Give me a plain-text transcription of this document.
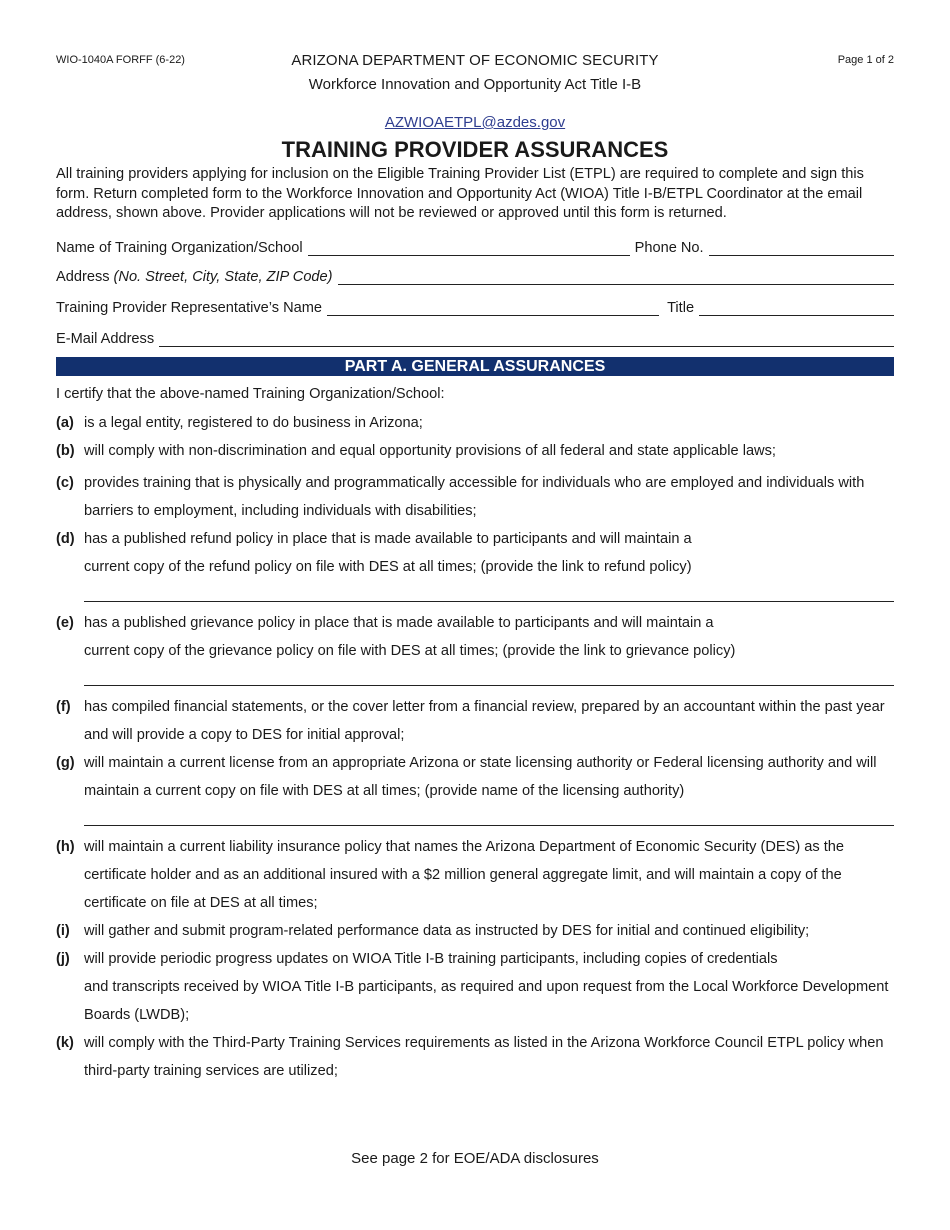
WIO-1040A FORFF (6-22)	Page 1 of 2
ARIZONA DEPARTMENT OF ECONOMIC SECURITY
Workforce Innovation and Opportunity Act Title I-B
AZWIOAETPL@azdes.gov
TRAINING PROVIDER ASSURANCES
All training providers applying for inclusion on the Eligible Training Provider List (ETPL) are required to complete and sign this form. Return completed form to the Workforce Innovation and Opportunity Act (WIOA) Title I-B/ETPL Coordinator at the email address, shown above. Provider applications will not be reviewed or approved until this form is returned.
Name of Training Organization/School	Phone No.
Address (No. Street, City, State, ZIP Code)
Training Provider Representative’s Name	Title
E-Mail Address
PART A. GENERAL ASSURANCES
I certify that the above-named Training Organization/School:
(a) is a legal entity, registered to do business in Arizona;
(b) will comply with non-discrimination and equal opportunity provisions of all federal and state applicable laws;
(c) provides training that is physically and programmatically accessible for individuals who are employed and individuals with barriers to employment, including individuals with disabilities;
(d) has a published refund policy in place that is made available to participants and will maintain a
current copy of the refund policy on file with DES at all times; (provide the link to refund policy)
(e) has a published grievance policy in place that is made available to participants and will maintain a
current copy of the grievance policy on file with DES at all times; (provide the link to grievance policy)
(f) has compiled financial statements, or the cover letter from a financial review, prepared by an accountant within the past year and will provide a copy to DES for initial approval;
(g) will maintain a current license from an appropriate Arizona or state licensing authority or Federal licensing authority and will maintain a current copy on file with DES at all times; (provide name of the licensing authority)
(h) will maintain a current liability insurance policy that names the Arizona Department of Economic Security (DES) as the certificate holder and as an additional insured with a $2 million general aggregate limit, and will maintain a copy of the certificate on file at DES at all times;
(i) will gather and submit program-related performance data as instructed by DES for initial and continued eligibility;
(j) will provide periodic progress updates on WIOA Title I-B training participants, including copies of credentials
and transcripts received by WIOA Title I-B participants, as required and upon request from the Local Workforce Development Boards (LWDB);
(k) will comply with the Third-Party Training Services requirements as listed in the Arizona Workforce Council ETPL policy when third-party training services are utilized;
See page 2 for EOE/ADA disclosures
